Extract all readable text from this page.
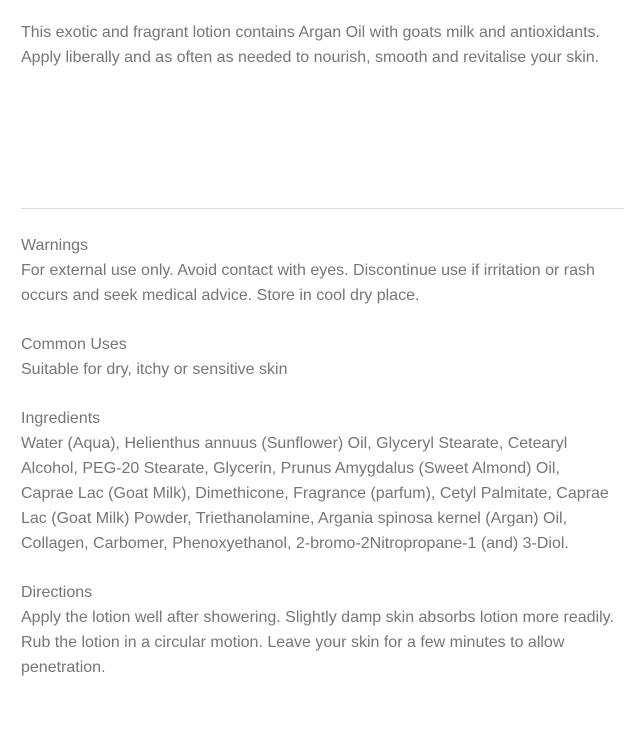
This exotic and fragrant lotion contains Argan Oil with goats milk and antioxidants. Apply liberally and as often as needed to nourish, smooth and revitalise your skin.

Warnings

For external use only. Avoid contact with eyes. Discontinue use if irritation or rash occurs and seek medical advice. Store in cool dry place.

Common Uses

Suitable for dry, itchy or sensitive skin

Ingredients

Water (Aqua), Helienthus annuus (Sunflower) Oil, Glyceryl Stearate, Cetearyl Alcohol, PEG-20 Stearate, Glycerin, Prunus Amygdalus (Sweet Almond) Oil, Caprae Lac (Goat Milk), Dimethicone, Fragrance (parfum), Cetyl Palmitate, Caprae Lac (Goat Milk) Powder, Triethanolamine, Argania spinosa kernel (Argan) Oil, Collagen, Carbomer, Phenoxyethanol, 2-bromo-2Nitropropane-1 (and) 3-Diol.

Directions

Apply the lotion well after showering. Slightly damp skin absorbs lotion more readily. Rub the lotion in a circular motion. Leave your skin for a few minutes to allow penetration.
